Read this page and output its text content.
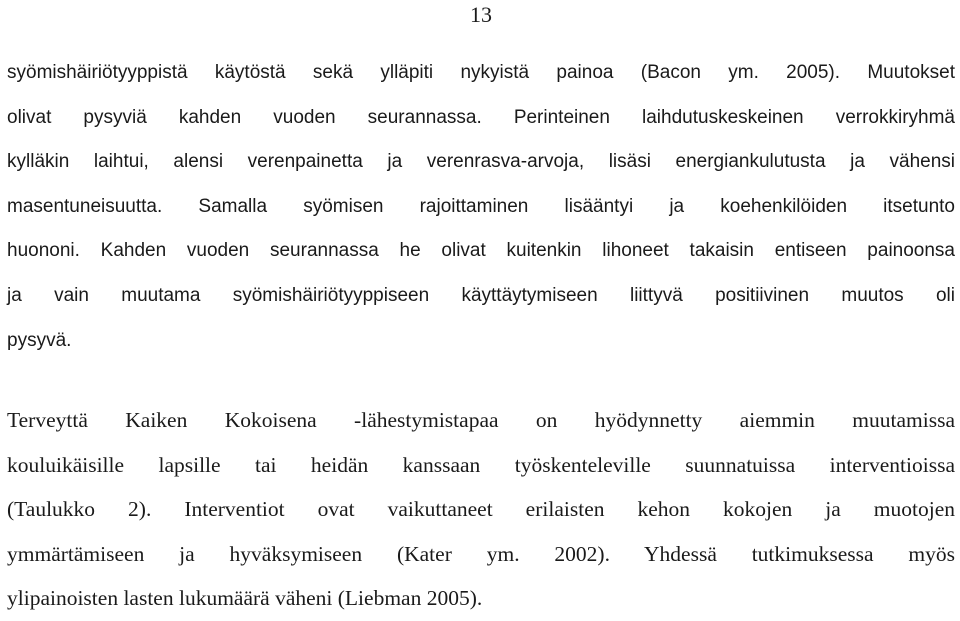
13
syömishäiriötyyppistä käytöstä sekä ylläpiti nykyistä painoa (Bacon ym. 2005). Muutokset
olivat pysyviä kahden vuoden seurannassa. Perinteinen laihdutuskeskeinen verrokkiryhmä
kylläkin laihtui, alensi verenpainetta ja verenrasva-arvoja, lisäsi energiankulutusta ja vähensi
masentuneisuutta. Samalla syömisen rajoittaminen lisääntyi ja koehenkilöiden itsetunto
huononi. Kahden vuoden seurannassa he olivat kuitenkin lihoneet takaisin entiseen painoonsa
ja vain muutama syömishäiriötyyppiseen käyttäytymiseen liittyvä positiivinen muutos oli
pysyvä.
Terveyttä Kaiken Kokoisena -lähestymistapaa on hyödynnetty aiemmin muutamissa
kouluikäisille lapsille tai heidän kanssaan työskenteleville suunnatuissa interventioissa
(Taulukko 2). Interventiot ovat vaikuttaneet erilaisten kehon kokojen ja muotojen
ymmärtämiseen ja hyväksymiseen (Kater ym. 2002). Yhdessä tutkimuksessa myös
ylipainoisten lasten lukumäärä väheni (Liebman 2005).
